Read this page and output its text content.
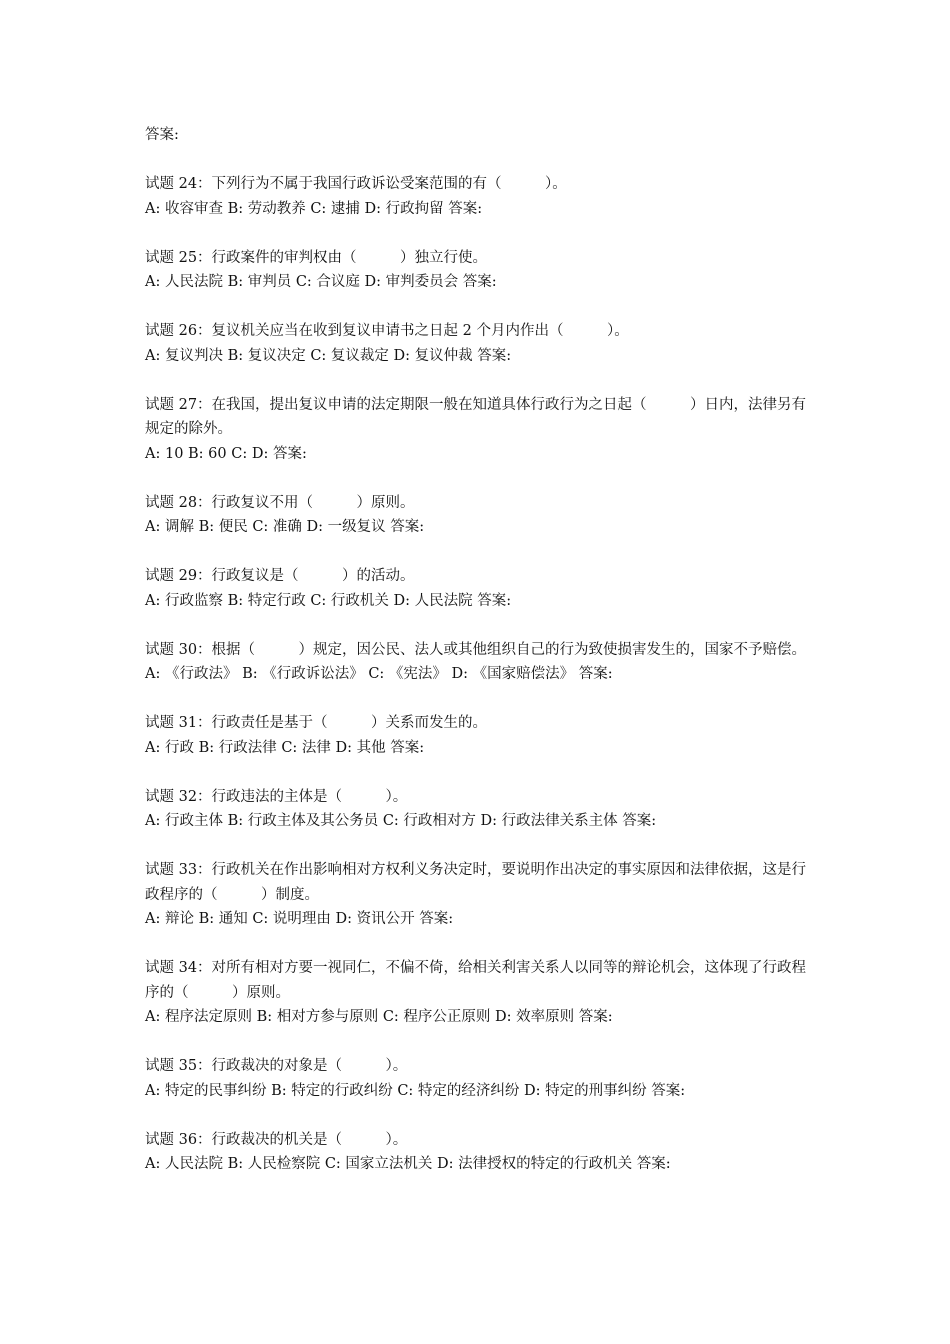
答案:
试题 24：下列行为不属于我国行政诉讼受案范围的有（　　　）。
A: 收容审查 B: 劳动教养 C: 逮捕 D: 行政拘留 答案:
试题 25：行政案件的审判权由（　　　）独立行使。
A: 人民法院 B: 审判员 C: 合议庭 D: 审判委员会 答案:
试题 26：复议机关应当在收到复议申请书之日起 2 个月内作出（　　　）。
A: 复议判决 B: 复议决定 C: 复议裁定 D: 复议仲裁 答案:
试题 27：在我国，提出复议申请的法定期限一般在知道具体行政行为之日起（　　　）日内，法律另有规定的除外。
A: 10 B: 60 C: D: 答案:
试题 28：行政复议不用（　　　）原则。
A: 调解 B: 便民 C: 准确 D: 一级复议 答案:
试题 29：行政复议是（　　　）的活动。
A: 行政监察 B: 特定行政 C: 行政机关 D: 人民法院 答案:
试题 30：根据（　　　）规定，因公民、法人或其他组织自己的行为致使损害发生的，国家不予赔偿。
A: 《行政法》 B: 《行政诉讼法》 C: 《宪法》 D: 《国家赔偿法》 答案:
试题 31：行政责任是基于（　　　）关系而发生的。
A: 行政 B: 行政法律 C: 法律 D: 其他 答案:
试题 32：行政违法的主体是（　　　）。
A: 行政主体 B: 行政主体及其公务员 C: 行政相对方 D: 行政法律关系主体 答案:
试题 33：行政机关在作出影响相对方权利义务决定时，要说明作出决定的事实原因和法律依据，这是行政程序的（　　　）制度。
A: 辩论 B: 通知 C: 说明理由 D: 资讯公开 答案:
试题 34：对所有相对方要一视同仁，不偏不倚，给相关利害关系人以同等的辩论机会，这体现了行政程序的（　　　）原则。
A: 程序法定原则 B: 相对方参与原则 C: 程序公正原则 D: 效率原则 答案:
试题 35：行政裁决的对象是（　　　）。
A: 特定的民事纠纷 B: 特定的行政纠纷 C: 特定的经济纠纷 D: 特定的刑事纠纷 答案:
试题 36：行政裁决的机关是（　　　）。
A: 人民法院 B: 人民检察院 C: 国家立法机关 D: 法律授权的特定的行政机关 答案:
